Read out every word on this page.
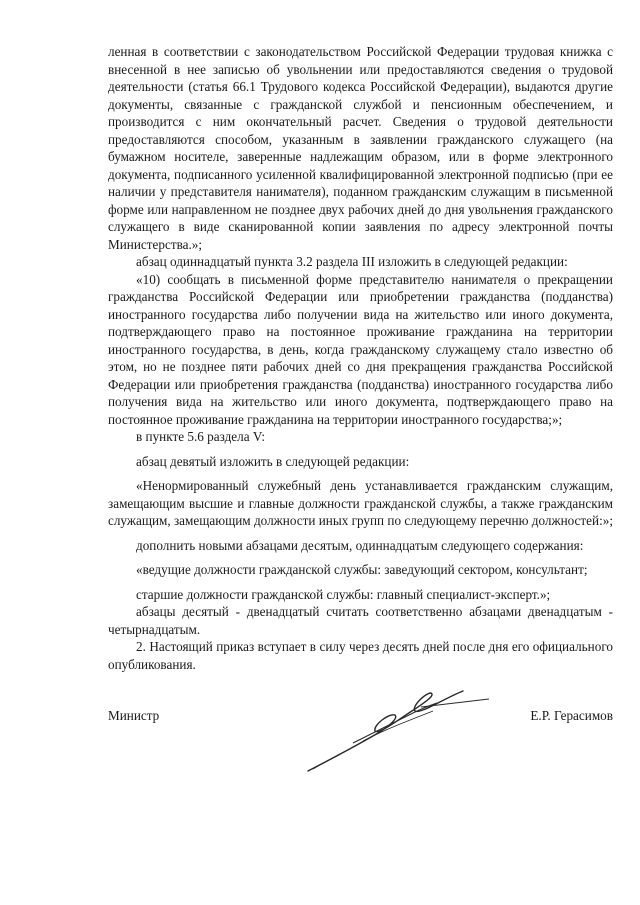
ленная в соответствии с законодательством Российской Федерации трудовая книжка с внесенной в нее записью об увольнении или предоставляются сведения о трудовой деятельности (статья 66.1 Трудового кодекса Российской Федерации), выдаются другие документы, связанные с гражданской службой и пенсионным обеспечением, и производится с ним окончательный расчет. Сведения о трудовой деятельности предоставляются способом, указанным в заявлении гражданского служащего (на бумажном носителе, заверенные надлежащим образом, или в форме электронного документа, подписанного усиленной квалифицированной электронной подписью (при ее наличии у представителя нанимателя), поданном гражданским служащим в письменной форме или направленном не позднее двух рабочих дней до дня увольнения гражданского служащего в виде сканированной копии заявления по адресу электронной почты Министерства.»;

абзац одиннадцатый пункта 3.2 раздела III изложить в следующей редакции:

«10) сообщать в письменной форме представителю нанимателя о прекращении гражданства Российской Федерации или приобретении гражданства (подданства) иностранного государства либо получении вида на жительство или иного документа, подтверждающего право на постоянное проживание гражданина на территории иностранного государства, в день, когда гражданскому служащему стало известно об этом, но не позднее пяти рабочих дней со дня прекращения гражданства Российской Федерации или приобретения гражданства (подданства) иностранного государства либо получения вида на жительство или иного документа, подтверждающего право на постоянное проживание гражданина на территории иностранного государства;»;

в пункте 5.6 раздела V:

абзац девятый изложить в следующей редакции:

«Ненормированный служебный день устанавливается гражданским служащим, замещающим высшие и главные должности гражданской службы, а также гражданским служащим, замещающим должности иных групп по следующему перечню должностей:»;

дополнить новыми абзацами десятым, одиннадцатым следующего содержания:

«ведущие должности гражданской службы: заведующий сектором, консультант;

старшие должности гражданской службы: главный специалист-эксперт.»;

абзацы десятый - двенадцатый считать соответственно абзацами двенадцатым - четырнадцатым.

2. Настоящий приказ вступает в силу через десять дней после дня его официального опубликования.

Министр	Е.Р. Герасимов
